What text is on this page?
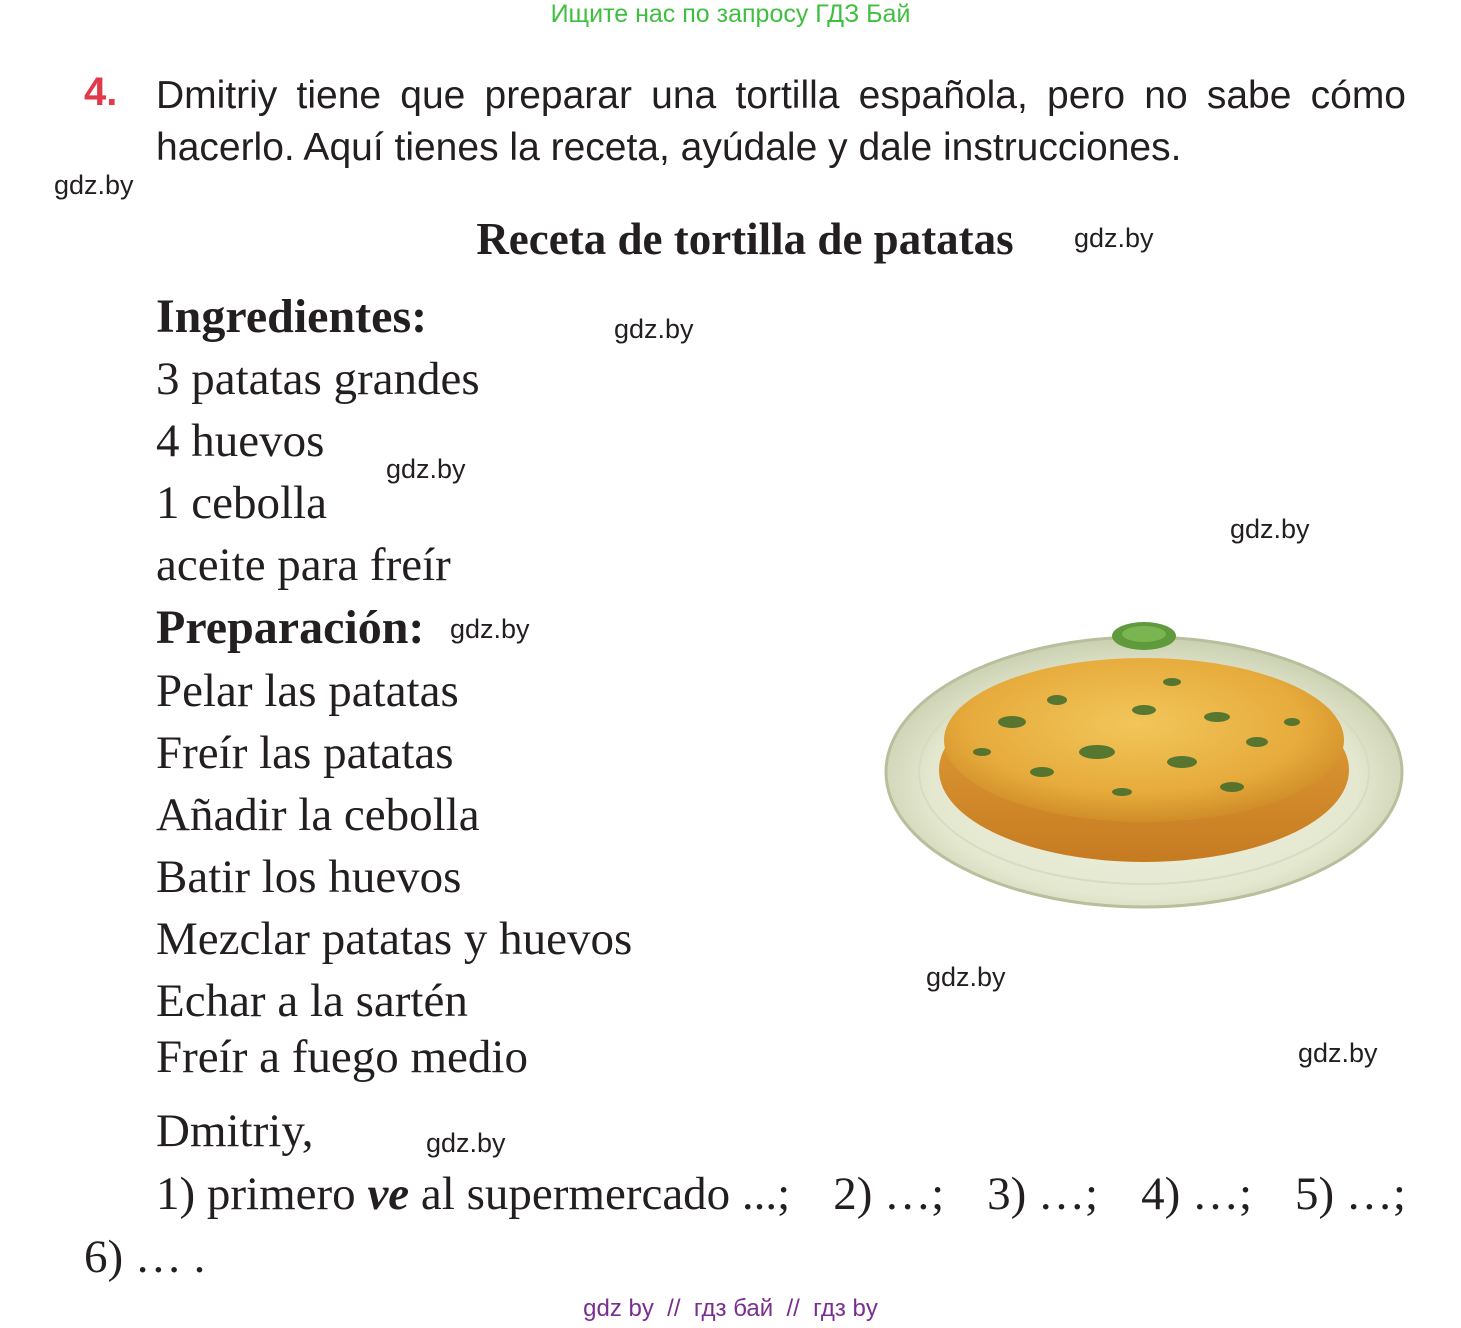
Ищите нас по запросу ГДЗ Бай
4. Dmitriy tiene que preparar una tortilla española, pero no sabe cómo hacerlo. Aquí tienes la receta, ayúdale y dale instrucciones.
gdz.by
Receta de tortilla de patatas	gdz.by
Ingredientes:	gdz.by
3 patatas grandes
4 huevos
gdz.by
1 cebolla
aceite para freír
gdz.by
Preparación: gdz.by
Pelar las patatas
Freír las patatas
Añadir la cebolla
Batir los huevos
Mezclar patatas y huevos
Echar a la sartén
Freír a fuego medio
gdz.by
gdz.by
Dmitriy,	gdz.by
1) primero ve al supermercado ...; 2) …; 3) …; 4) …; 5) …;
6) … .
gdz by  //  гдз бай  //  гдз by
